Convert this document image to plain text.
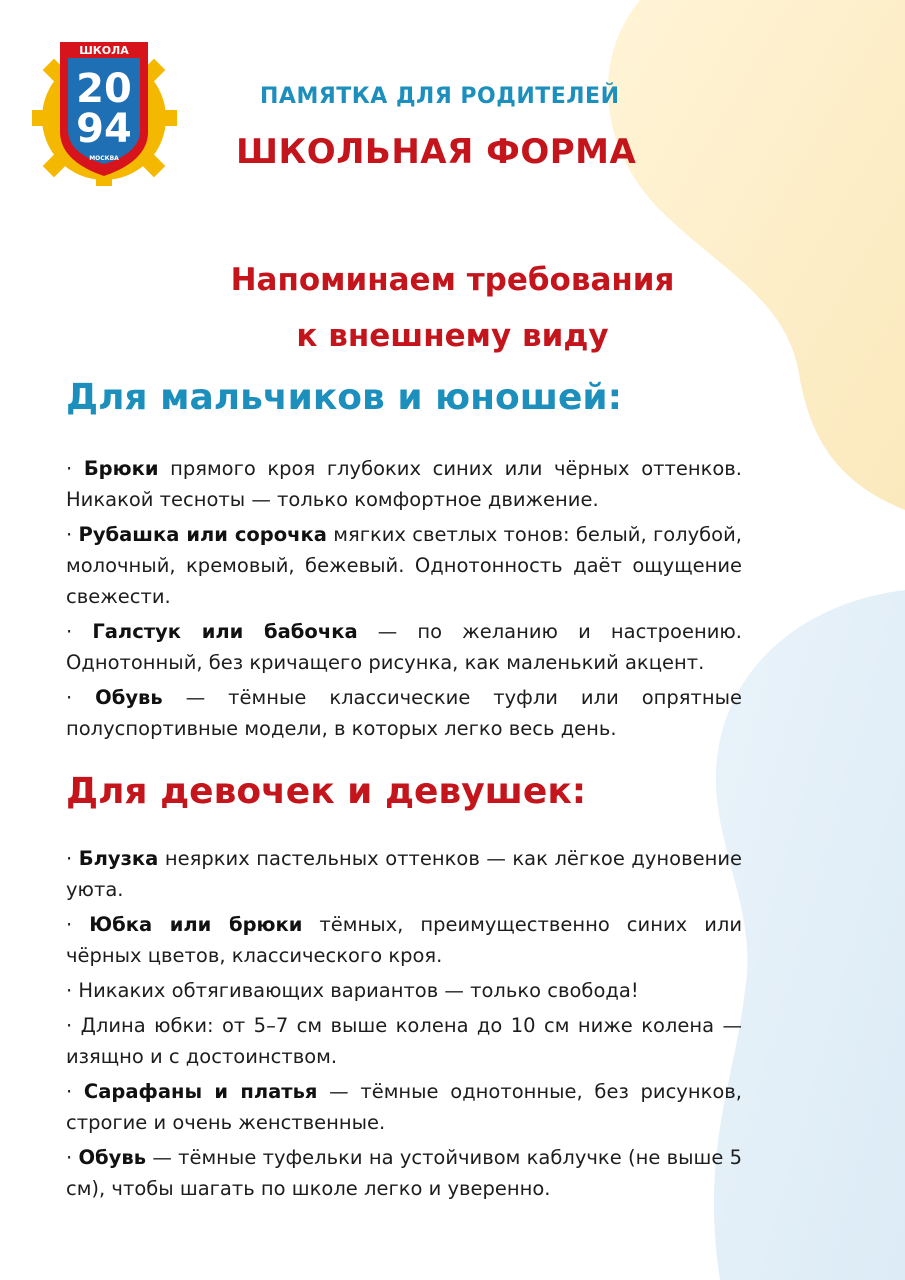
ШКОЛА
20
94
МОСКВА

ПАМЯТКА ДЛЯ РОДИТЕЛЕЙ

ШКОЛЬНАЯ ФОРМА

Напоминаем требования
к внешнему виду
Для мальчиков и юношей:
· Брюки прямого кроя глубоких синих или чёрных оттенков. Никакой тесноты — только комфортное движение.
· Рубашка или сорочка мягких светлых тонов: белый, голубой, молочный, кремовый, бежевый. Однотонность даёт ощущение свежести.
· Галстук или бабочка — по желанию и настроению. Однотонный, без кричащего рисунка, как маленький акцент.
· Обувь — тёмные классические туфли или опрятные полуспортивные модели, в которых легко весь день.
Для девочек и девушек:
· Блузка неярких пастельных оттенков — как лёгкое дуновение уюта.
· Юбка или брюки тёмных, преимущественно синих или чёрных цветов, классического кроя.
· Никаких обтягивающих вариантов — только свобода!
· Длина юбки: от 5–7 см выше колена до 10 см ниже колена — изящно и с достоинством.
· Сарафаны и платья — тёмные однотонные, без рисунков, строгие и очень женственные.
· Обувь — тёмные туфельки на устойчивом каблучке (не выше 5 см), чтобы шагать по школе легко и уверенно.
